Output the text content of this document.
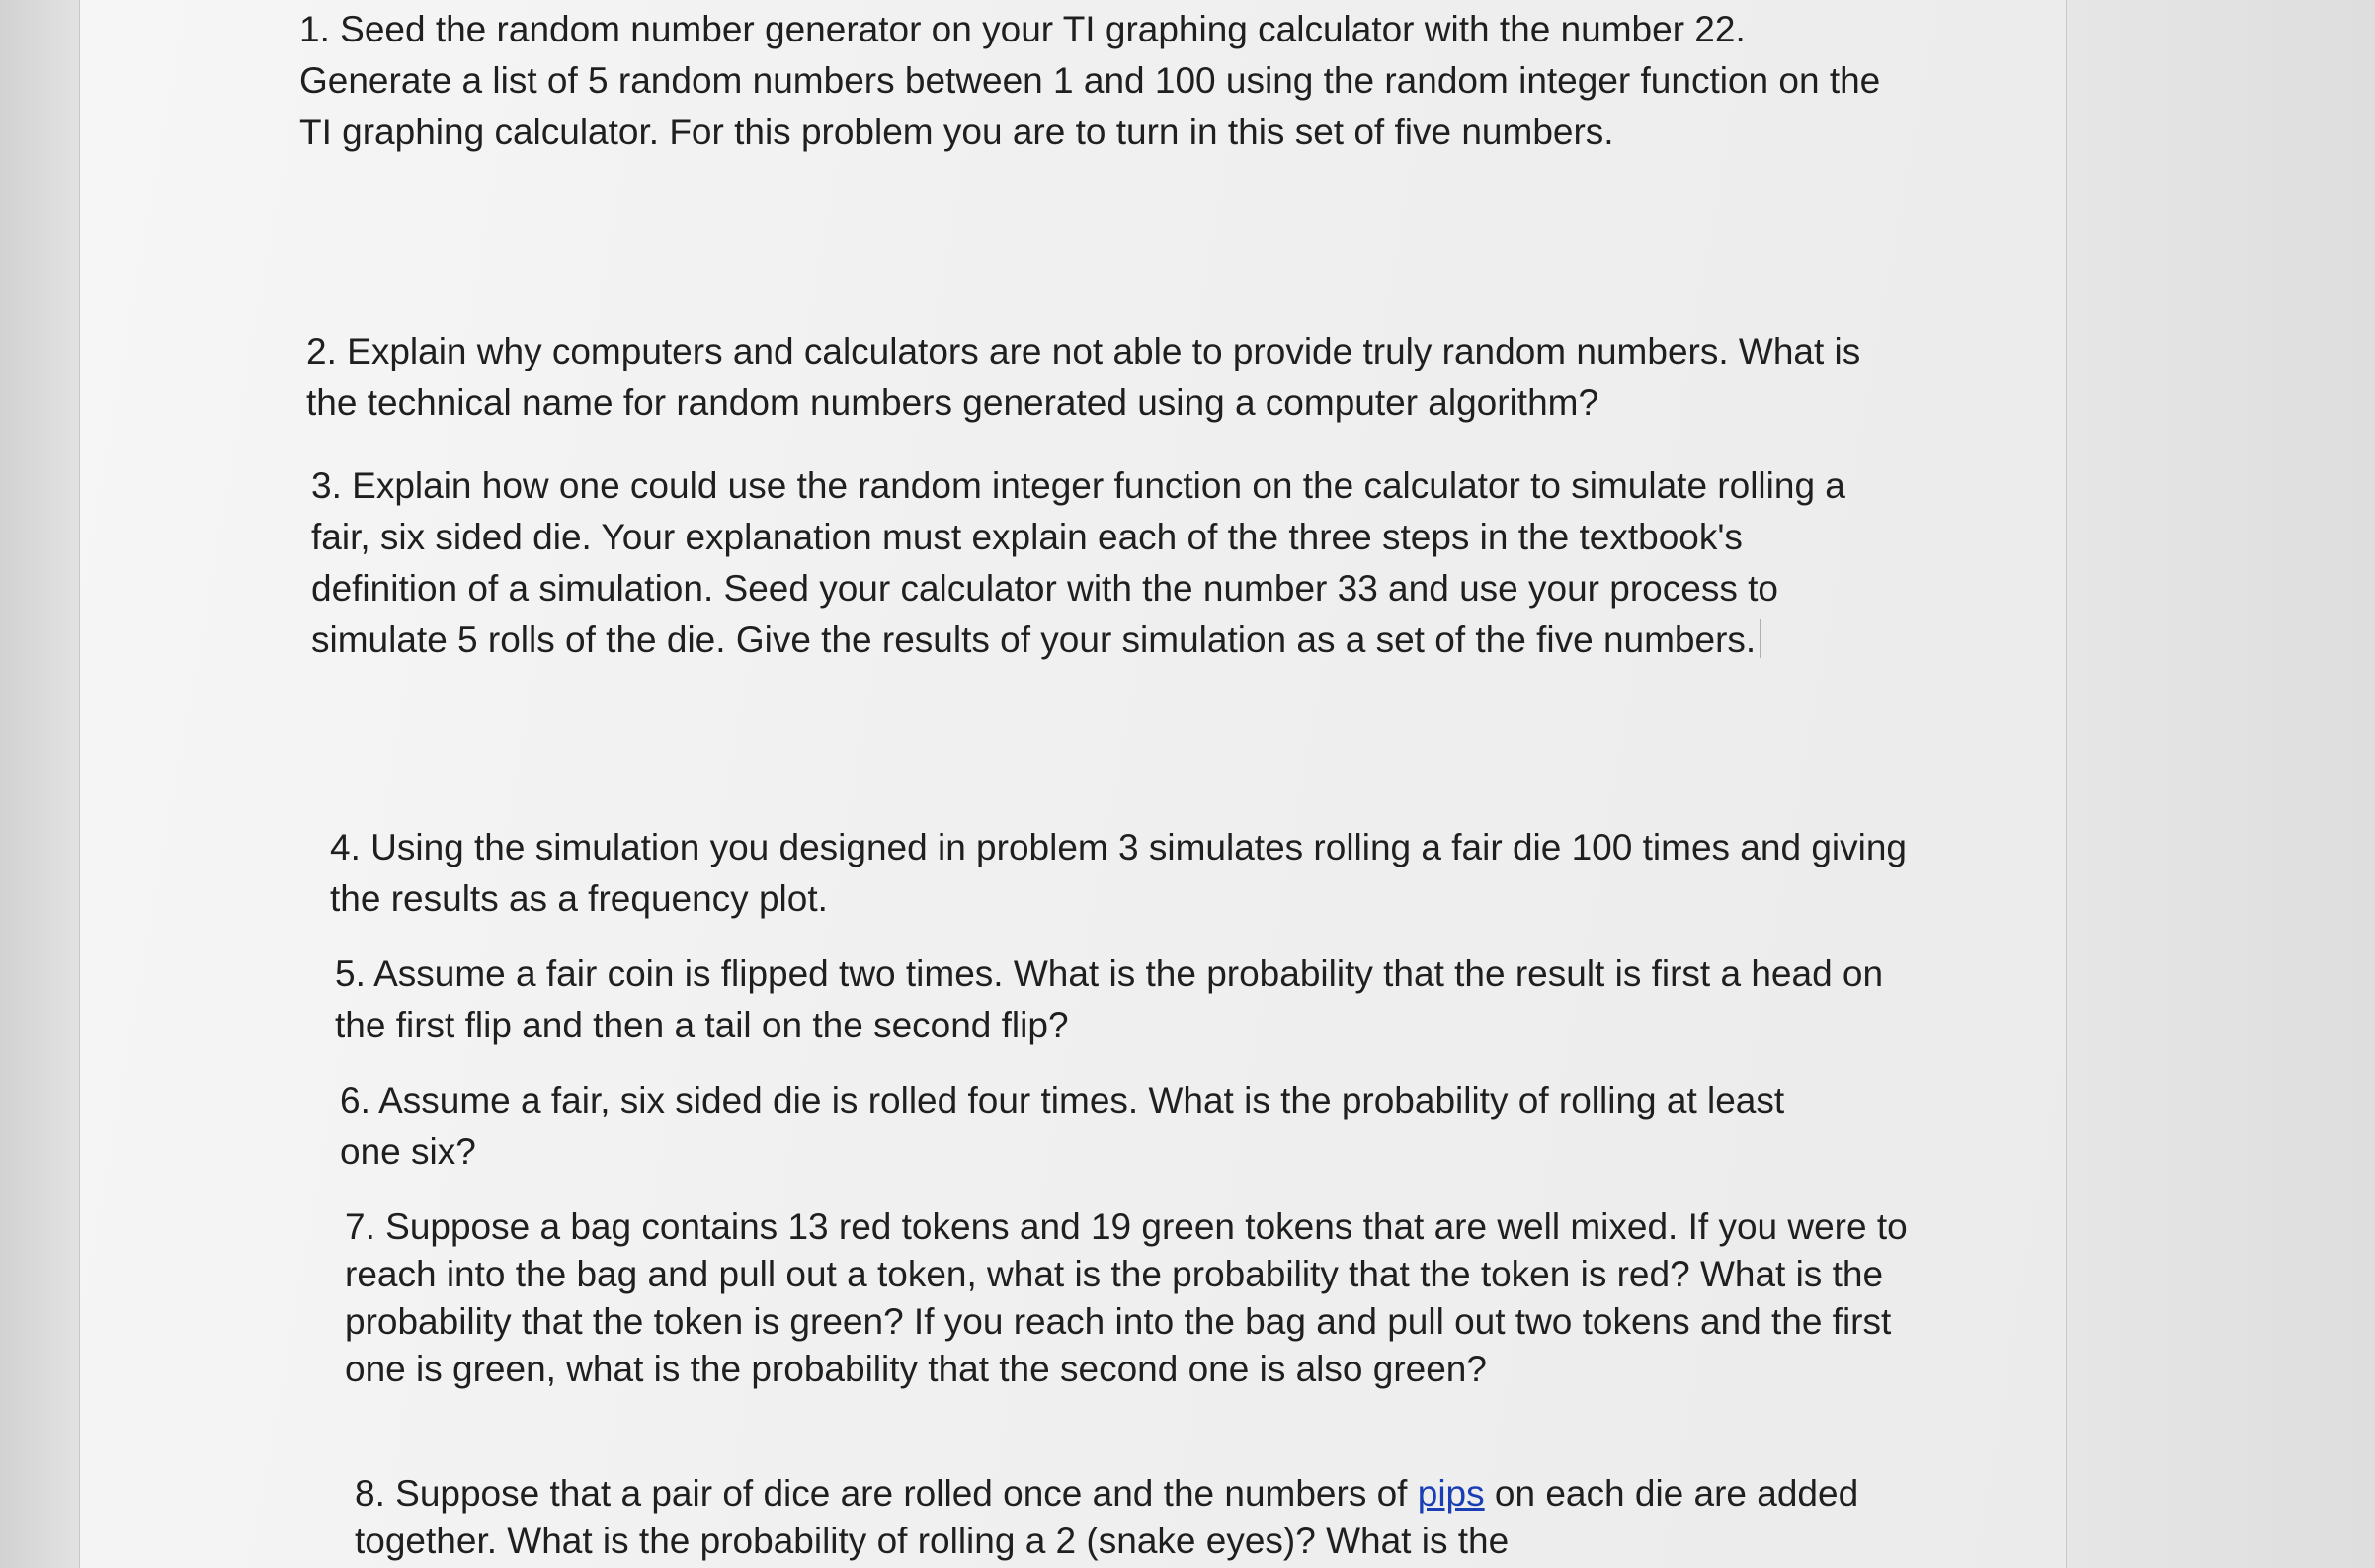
1. Seed the random number generator on your TI graphing calculator with the number 22. Generate a list of 5 random numbers between 1 and 100 using the random integer function on the TI graphing calculator. For this problem you are to turn in this set of five numbers.

2. Explain why computers and calculators are not able to provide truly random numbers. What is the technical name for random numbers generated using a computer algorithm?

3. Explain how one could use the random integer function on the calculator to simulate rolling a fair, six sided die. Your explanation must explain each of the three steps in the textbook's definition of a simulation. Seed your calculator with the number 33 and use your process to simulate 5 rolls of the die. Give the results of your simulation as a set of the five numbers.

4. Using the simulation you designed in problem 3 simulates rolling a fair die 100 times and giving the results as a frequency plot.

5. Assume a fair coin is flipped two times. What is the probability that the result is first a head on the first flip and then a tail on the second flip?

6. Assume a fair, six sided die is rolled four times. What is the probability of rolling at least one six?

7. Suppose a bag contains 13 red tokens and 19 green tokens that are well mixed. If you were to reach into the bag and pull out a token, what is the probability that the token is red? What is the probability that the token is green? If you reach into the bag and pull out two tokens and the first one is green, what is the probability that the second one is also green?

8. Suppose that a pair of dice are rolled once and the numbers of pips on each die are added together. What is the probability of rolling a 2 (snake eyes)? What is the
